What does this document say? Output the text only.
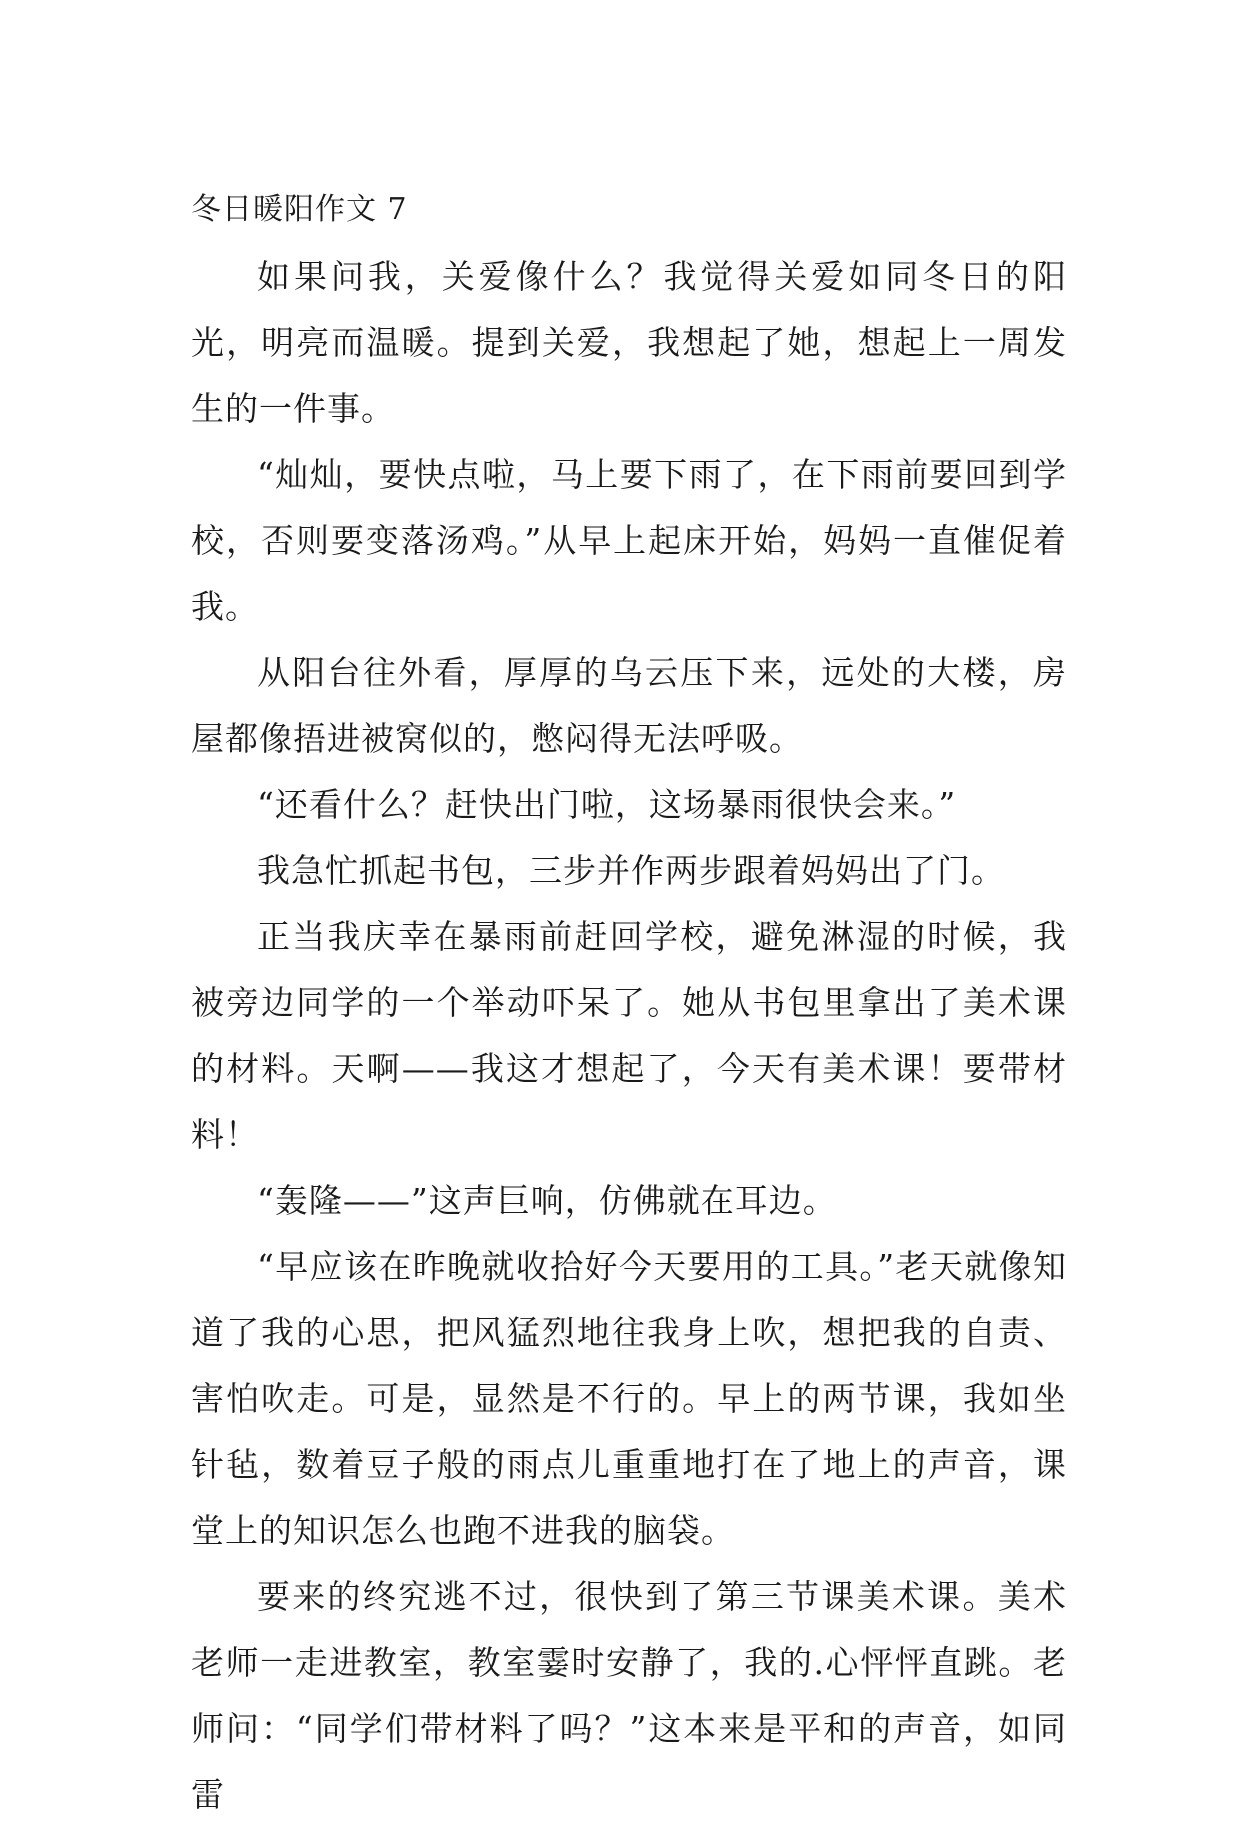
冬日暖阳作文 7

如果问我，关爱像什么？我觉得关爱如同冬日的阳光，明亮而温暖。提到关爱，我想起了她，想起上一周发生的一件事。

“灿灿，要快点啦，马上要下雨了，在下雨前要回到学校，否则要变落汤鸡。”从早上起床开始，妈妈一直催促着我。

从阳台往外看，厚厚的乌云压下来，远处的大楼，房屋都像捂进被窝似的，憋闷得无法呼吸。

“还看什么？赶快出门啦，这场暴雨很快会来。”

我急忙抓起书包，三步并作两步跟着妈妈出了门。

正当我庆幸在暴雨前赶回学校，避免淋湿的时候，我被旁边同学的一个举动吓呆了。她从书包里拿出了美术课的材料。天啊——我这才想起了，今天有美术课！要带材料！

“轰隆——”这声巨响，仿佛就在耳边。

“早应该在昨晚就收拾好今天要用的工具。”老天就像知道了我的心思，把风猛烈地往我身上吹，想把我的自责、害怕吹走。可是，显然是不行的。早上的两节课，我如坐针毡，数着豆子般的雨点儿重重地打在了地上的声音，课堂上的知识怎么也跑不进我的脑袋。

要来的终究逃不过，很快到了第三节课美术课。美术老师一走进教室，教室霎时安静了，我的.心怦怦直跳。老师问：“同学们带材料了吗？”这本来是平和的声音，如同雷
